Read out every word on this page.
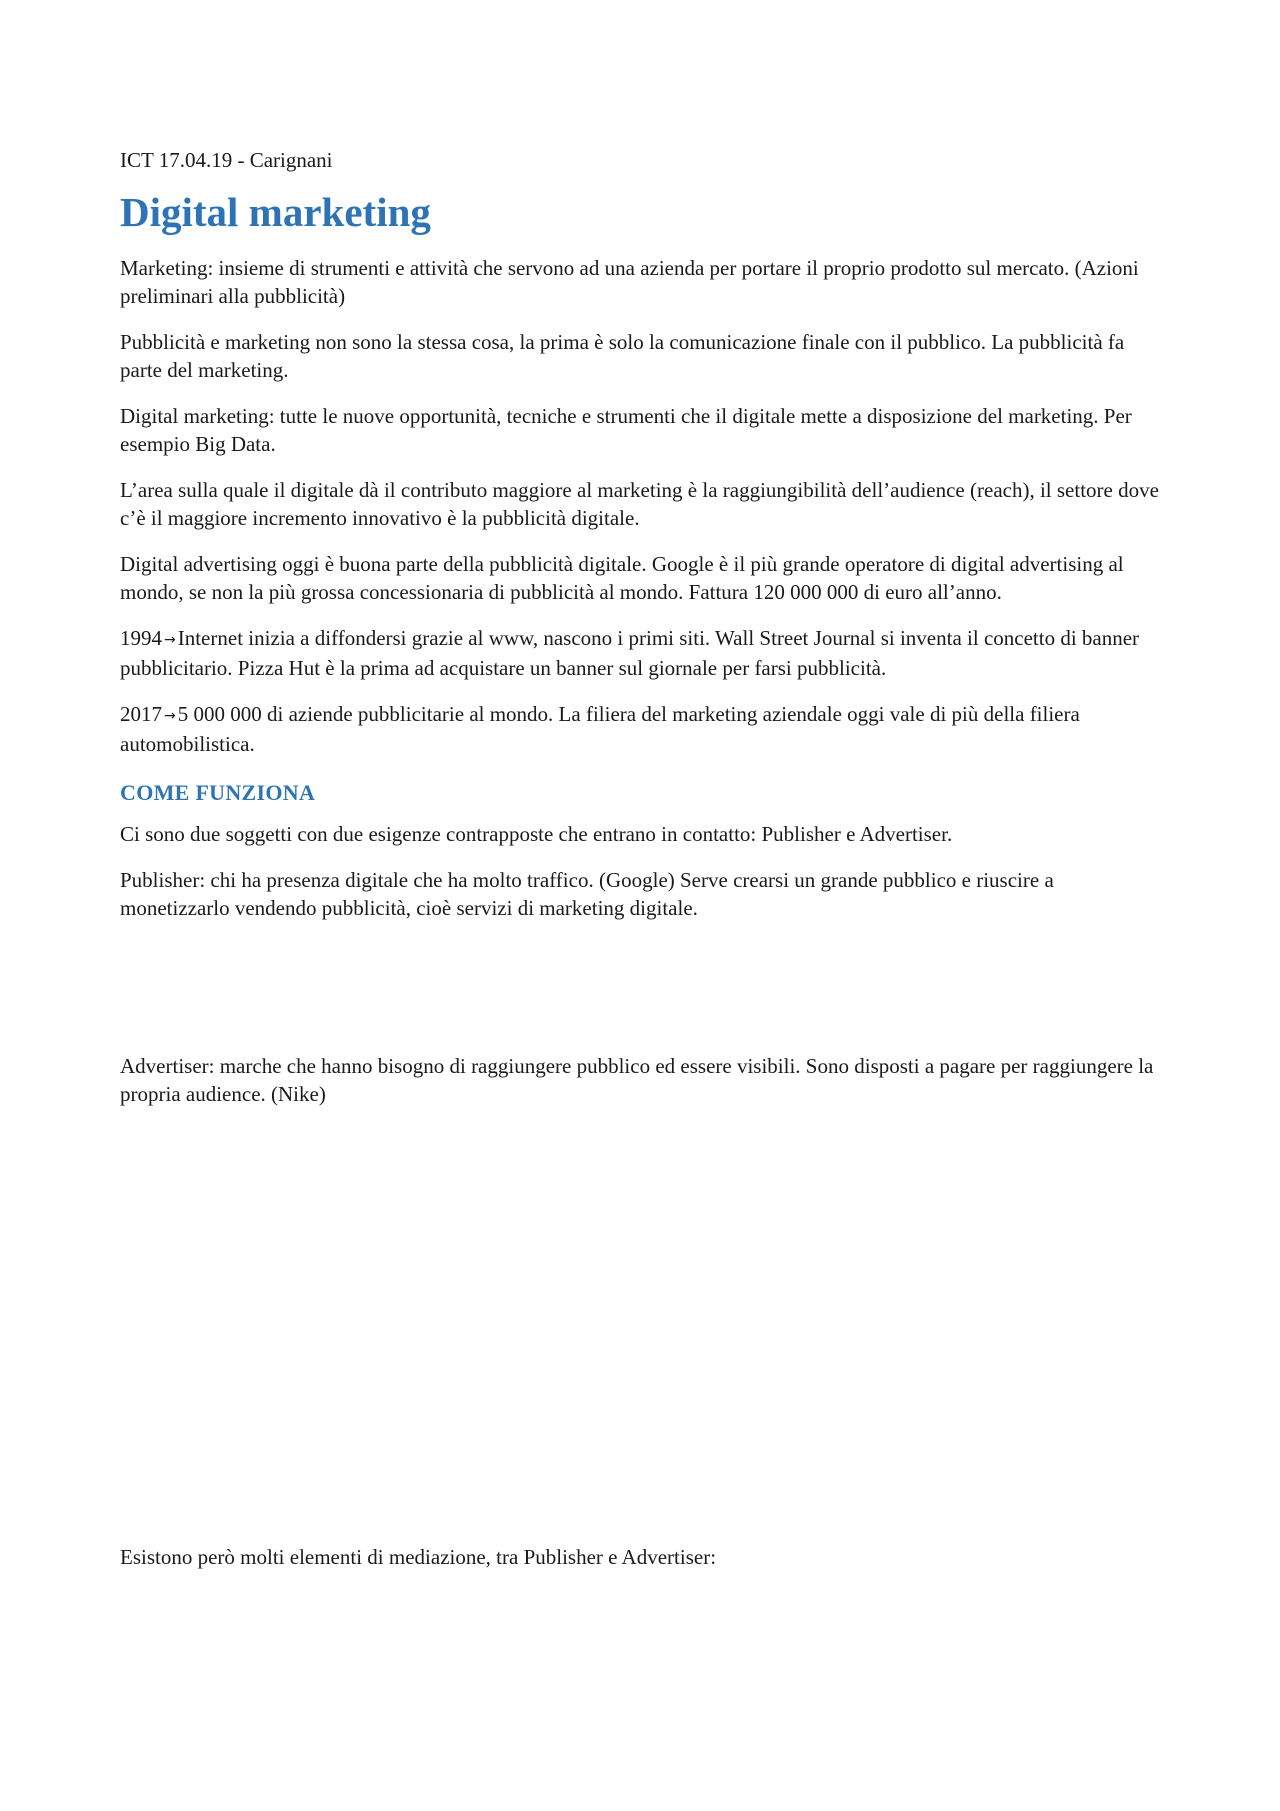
ICT 17.04.19 - Carignani

Digital marketing

Marketing: insieme di strumenti e attività che servono ad una azienda per portare il proprio prodotto sul mercato. (Azioni preliminari alla pubblicità)

Pubblicità e marketing non sono la stessa cosa, la prima è solo la comunicazione finale con il pubblico. La pubblicità fa parte del marketing.

Digital marketing: tutte le nuove opportunità, tecniche e strumenti che il digitale mette a disposizione del marketing. Per esempio Big Data.

L’area sulla quale il digitale dà il contributo maggiore al marketing è la raggiungibilità dell’audience (reach), il settore dove c’è il maggiore incremento innovativo è la pubblicità digitale.

Digital advertising oggi è buona parte della pubblicità digitale. Google è il più grande operatore di digital advertising al mondo, se non la più grossa concessionaria di pubblicità al mondo. Fattura 120 000 000 di euro all’anno.

1994 →Internet inizia a diffondersi grazie al www, nascono i primi siti. Wall Street Journal si inventa il concetto di banner pubblicitario. Pizza Hut è la prima ad acquistare un banner sul giornale per farsi pubblicità.

2017 →5 000 000 di aziende pubblicitarie al mondo. La filiera del marketing aziendale oggi vale di più della filiera automobilistica.

COME FUNZIONA

Ci sono due soggetti con due esigenze contrapposte che entrano in contatto: Publisher e Advertiser.

Publisher: chi ha presenza digitale che ha molto traffico. (Google) Serve crearsi un grande pubblico e riuscire a monetizzarlo vendendo pubblicità, cioè servizi di marketing digitale.

Advertiser: marche che hanno bisogno di raggiungere pubblico ed essere visibili. Sono disposti a pagare per raggiungere la propria audience. (Nike)

Esistono però molti elementi di mediazione, tra Publisher e Advertiser:
